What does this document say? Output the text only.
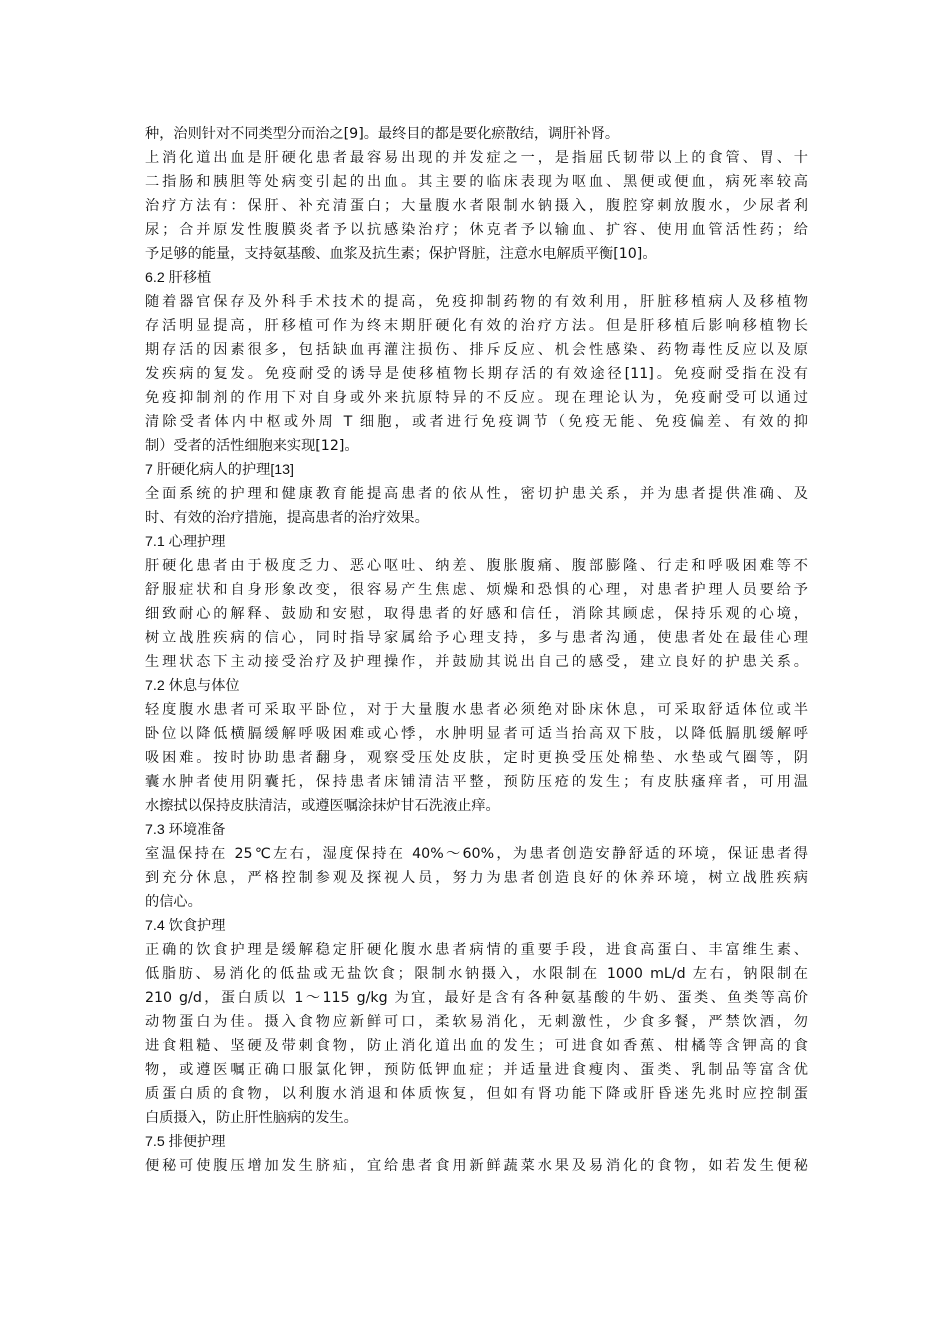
种，治则针对不同类型分而治之[9]。最终目的都是要化瘀散结，调肝补肾。
上消化道出血是肝硬化患者最容易出现的并发症之一，是指屈氏韧带以上的食管、胃、十
二指肠和胰胆等处病变引起的出血。其主要的临床表现为呕血、黑便或便血，病死率较高
治疗方法有：保肝、补充清蛋白；大量腹水者限制水钠摄入，腹腔穿刺放腹水，少尿者利
尿；合并原发性腹膜炎者予以抗感染治疗；休克者予以输血、扩容、使用血管活性药；给
予足够的能量，支持氨基酸、血浆及抗生素；保护肾脏，注意水电解质平衡[10]。
6.2 肝移植
随着器官保存及外科手术技术的提高，免疫抑制药物的有效利用，肝脏移植病人及移植物
存活明显提高，肝移植可作为终末期肝硬化有效的治疗方法。但是肝移植后影响移植物长
期存活的因素很多，包括缺血再灌注损伤、排斥反应、机会性感染、药物毒性反应以及原
发疾病的复发。免疫耐受的诱导是使移植物长期存活的有效途径[11]。免疫耐受指在没有
免疫抑制剂的作用下对自身或外来抗原特异的不反应。现在理论认为，免疫耐受可以通过
清除受者体内中枢或外周 T 细胞，或者进行免疫调节（免疫无能、免疫偏差、有效的抑
制）受者的活性细胞来实现[12]。
7 肝硬化病人的护理[13]
全面系统的护理和健康教育能提高患者的依从性，密切护患关系，并为患者提供准确、及
时、有效的治疗措施，提高患者的治疗效果。
7.1 心理护理
肝硬化患者由于极度乏力、恶心呕吐、纳差、腹胀腹痛、腹部膨隆、行走和呼吸困难等不
舒服症状和自身形象改变，很容易产生焦虑、烦燥和恐惧的心理，对患者护理人员要给予
细致耐心的解释、鼓励和安慰，取得患者的好感和信任，消除其顾虑，保持乐观的心境，
树立战胜疾病的信心，同时指导家属给予心理支持，多与患者沟通，使患者处在最佳心理
生理状态下主动接受治疗及护理操作，并鼓励其说出自己的感受，建立良好的护患关系。
7.2 休息与体位
轻度腹水患者可采取平卧位，对于大量腹水患者必须绝对卧床休息，可采取舒适体位或半
卧位以降低横膈缓解呼吸困难或心悸，水肿明显者可适当抬高双下肢，以降低膈肌缓解呼
吸困难。按时协助患者翻身，观察受压处皮肤，定时更换受压处棉垫、水垫或气圈等，阴
囊水肿者使用阴囊托，保持患者床铺清洁平整，预防压疮的发生；有皮肤瘙痒者，可用温
水擦拭以保持皮肤清洁，或遵医嘱涂抹炉甘石洗液止痒。
7.3 环境准备
室温保持在 25℃左右，湿度保持在 40%～60%，为患者创造安静舒适的环境，保证患者得
到充分休息，严格控制参观及探视人员，努力为患者创造良好的休养环境，树立战胜疾病
的信心。
7.4 饮食护理
正确的饮食护理是缓解稳定肝硬化腹水患者病情的重要手段，进食高蛋白、丰富维生素、
低脂肪、易消化的低盐或无盐饮食；限制水钠摄入，水限制在 1000 mL/d 左右，钠限制在
210 g/d，蛋白质以 1～115 g/kg 为宜，最好是含有各种氨基酸的牛奶、蛋类、鱼类等高价
动物蛋白为佳。摄入食物应新鲜可口，柔软易消化，无刺激性，少食多餐，严禁饮酒，勿
进食粗糙、坚硬及带刺食物，防止消化道出血的发生；可进食如香蕉、柑橘等含钾高的食
物，或遵医嘱正确口服氯化钾，预防低钾血症；并适量进食瘦肉、蛋类、乳制品等富含优
质蛋白质的食物，以利腹水消退和体质恢复，但如有肾功能下降或肝昏迷先兆时应控制蛋
白质摄入，防止肝性脑病的发生。
7.5 排便护理
便秘可使腹压增加发生脐疝，宜给患者食用新鲜蔬菜水果及易消化的食物，如若发生便秘
